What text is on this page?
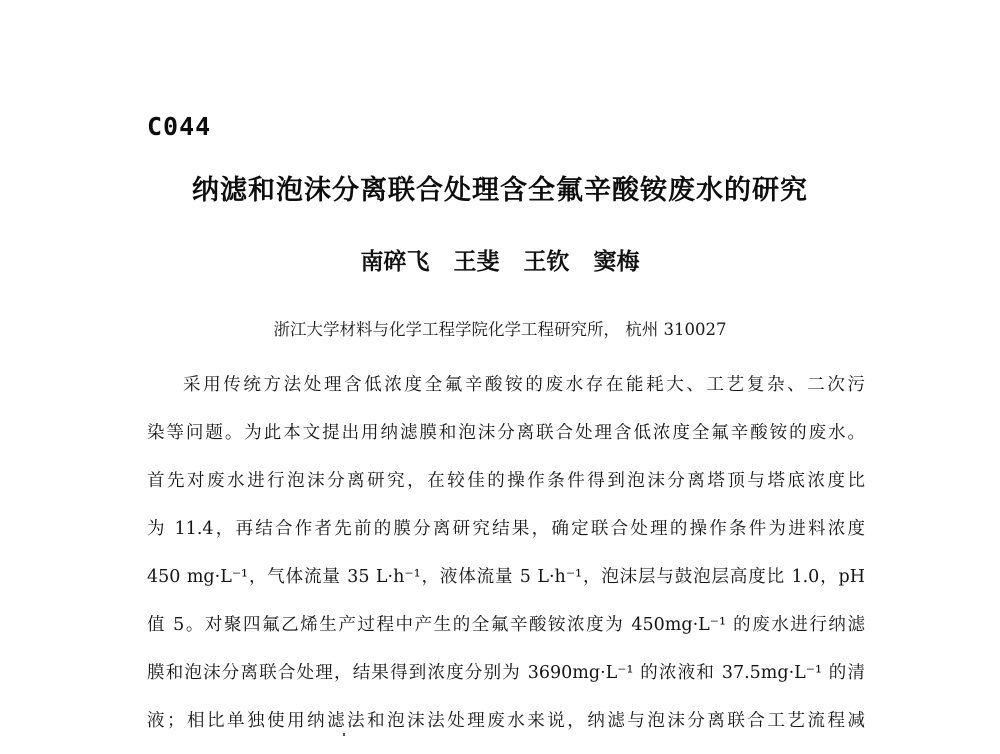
C044
纳滤和泡沫分离联合处理含全氟辛酸铵废水的研究
南碎飞   王斐   王钦   窦梅
浙江大学材料与化学工程学院化学工程研究所， 杭州 310027
采用传统方法处理含低浓度全氟辛酸铵的废水存在能耗大、工艺复杂、二次污
染等问题。为此本文提出用纳滤膜和泡沫分离联合处理含低浓度全氟辛酸铵的废水。
首先对废水进行泡沫分离研究，在较佳的操作条件得到泡沫分离塔顶与塔底浓度比
为 11.4，再结合作者先前的膜分离研究结果，确定联合处理的操作条件为进料浓度
450 mg·L⁻¹，气体流量 35 L·h⁻¹，液体流量 5 L·h⁻¹，泡沫层与鼓泡层高度比 1.0，pH
值 5。对聚四氟乙烯生产过程中产生的全氟辛酸铵浓度为 450mg·L⁻¹ 的废水进行纳滤
膜和泡沫分离联合处理，结果得到浓度分别为 3690mg·L⁻¹ 的浓液和 37.5mg·L⁻¹ 的清
液；相比单独使用纳滤法和泡沫法处理废水来说，纳滤与泡沫分离联合工艺流程减
